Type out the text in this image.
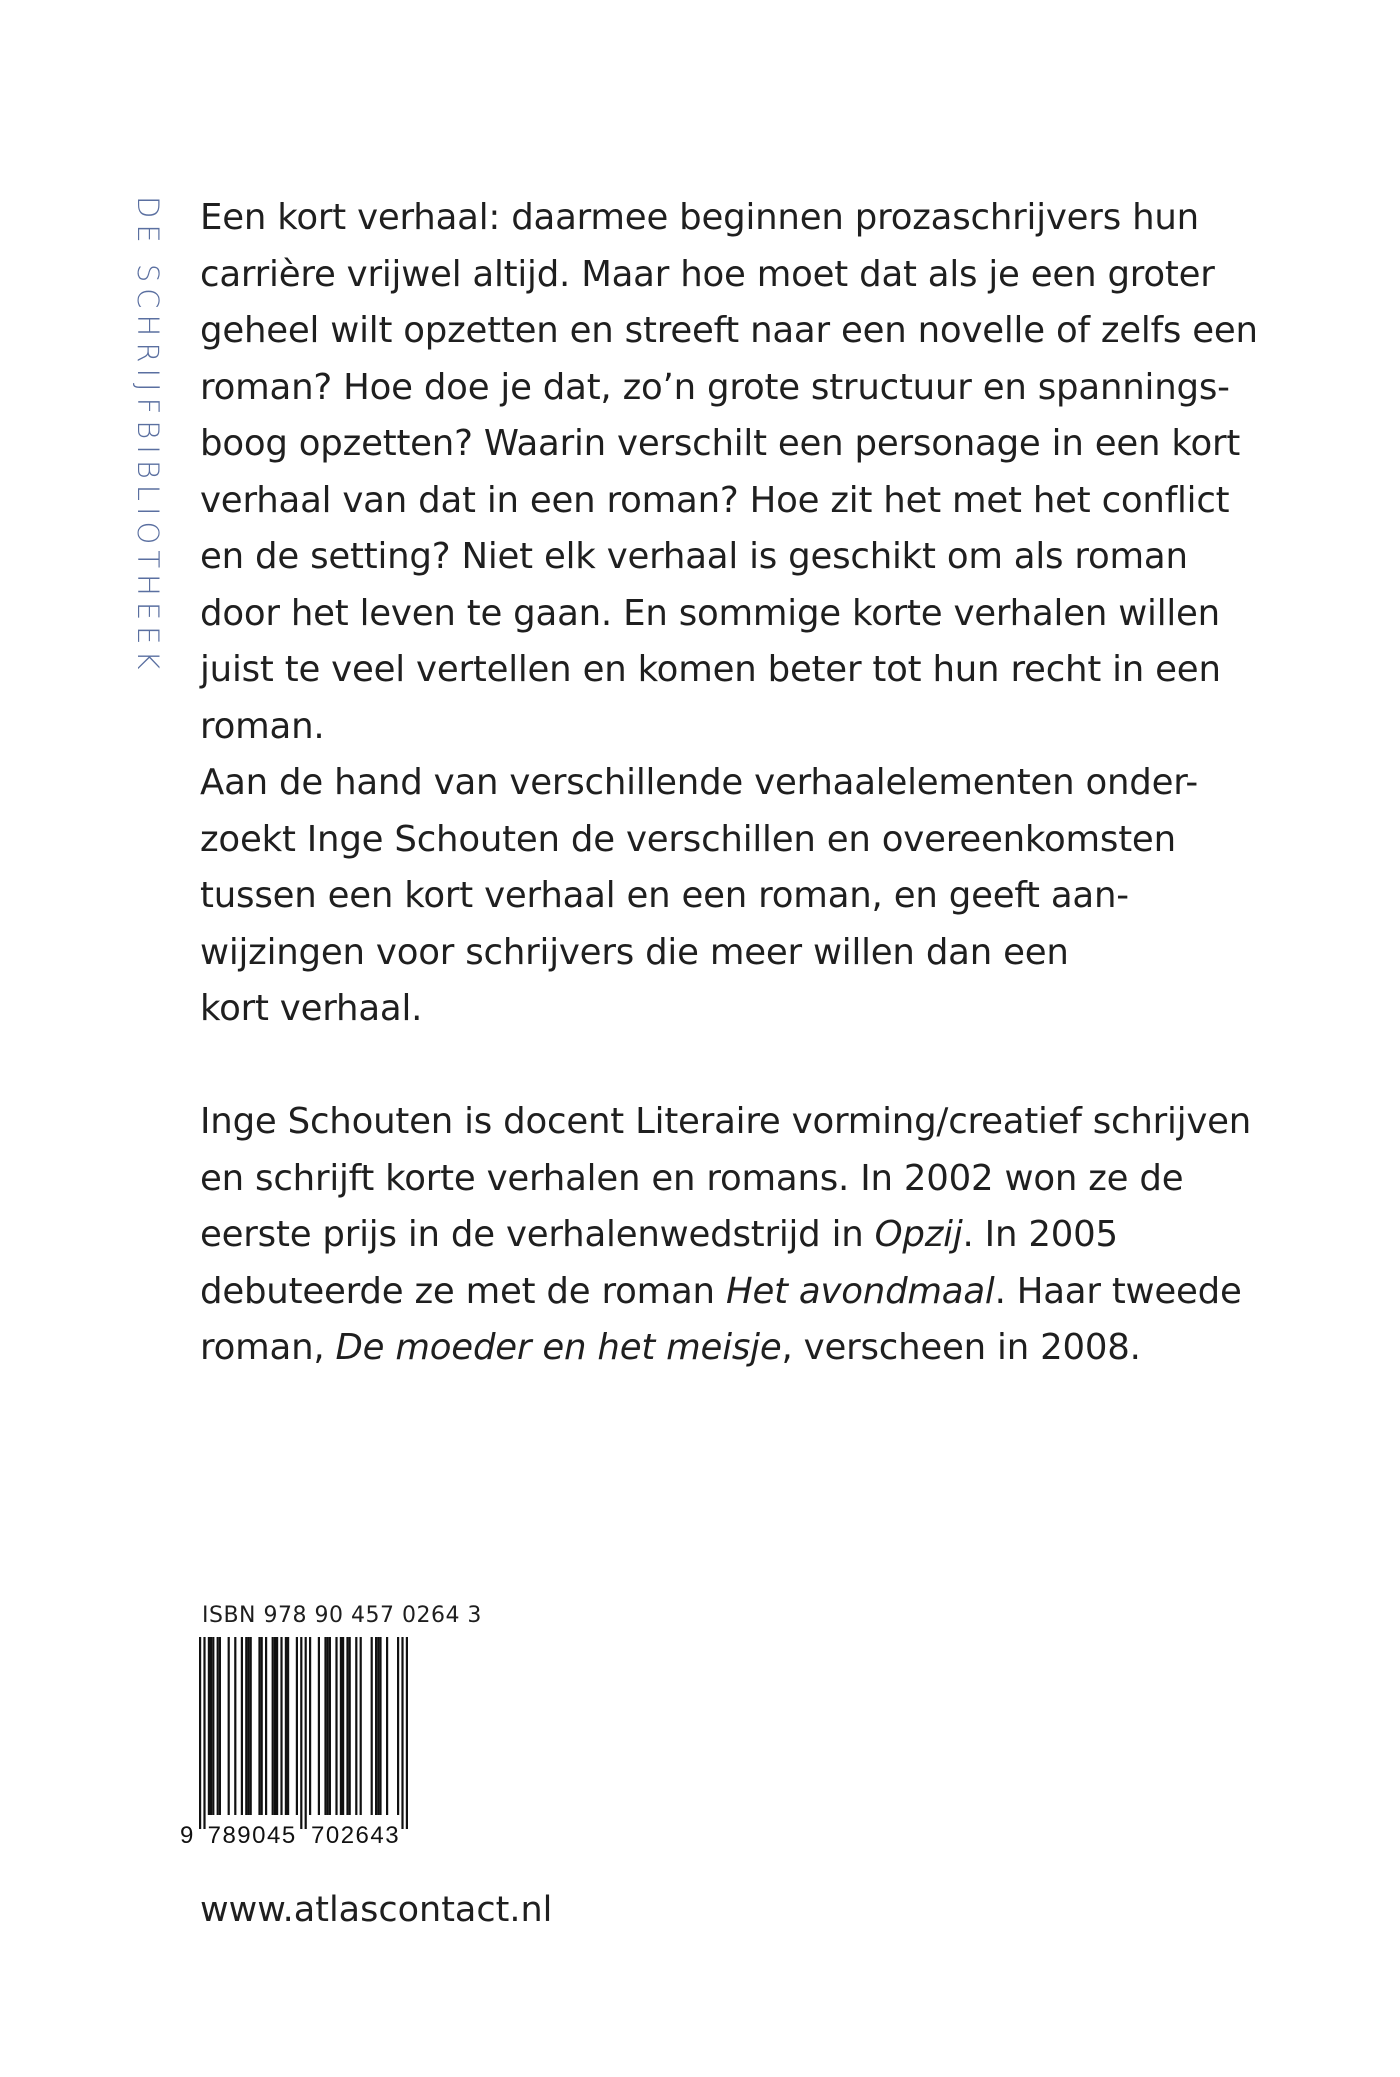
DE SCHRIJFBIBLIOTHEEK Een kort verhaal: daarmee beginnen prozaschrijvers hun
carrière vrijwel altijd. Maar hoe moet dat als je een groter
geheel wilt opzetten en streeft naar een novelle of zelfs een
roman? Hoe doe je dat, zo’n grote structuur en spannings-
boog opzetten? Waarin verschilt een personage in een kort
verhaal van dat in een roman? Hoe zit het met het conflict
en de setting? Niet elk verhaal is geschikt om als roman
door het leven te gaan. En sommige korte verhalen willen
juist te veel vertellen en komen beter tot hun recht in een
roman.
Aan de hand van verschillende verhaalelementen onder-
zoekt Inge Schouten de verschillen en overeenkomsten
tussen een kort verhaal en een roman, en geeft aan-
wijzingen voor schrijvers die meer willen dan een
kort verhaal.
Inge Schouten is docent Literaire vorming/creatief schrijven
en schrijft korte verhalen en romans. In 2002 won ze de
eerste prijs in de verhalenwedstrijd in Opzij. In 2005
debuteerde ze met de roman Het avondmaal. Haar tweede
roman, De moeder en het meisje, verscheen in 2008.
ISBN 978 90 457 0264 3
9 789045 702643
www.atlascontact.nl
